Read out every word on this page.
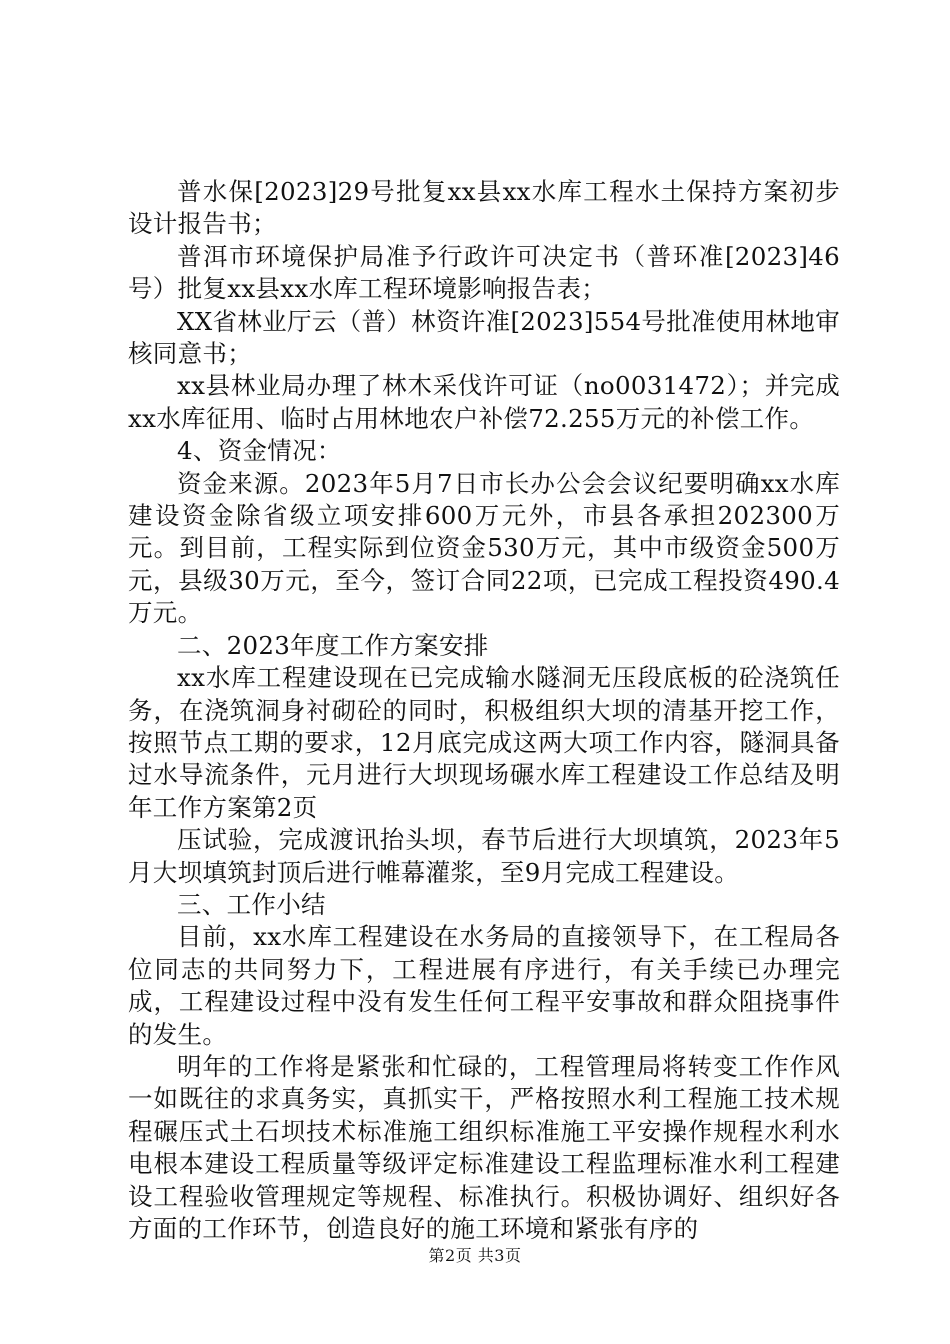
普水保[2023]29号批复xx县xx水库工程水土保持方案初步设计报告书；

普洱市环境保护局准予行政许可决定书（普环准[2023]46号）批复xx县xx水库工程环境影响报告表；

XX省林业厅云（普）林资许准[2023]554号批准使用林地审核同意书；

xx县林业局办理了林木采伐许可证（no0031472）；并完成xx水库征用、临时占用林地农户补偿72.255万元的补偿工作。

4、资金情况：

资金来源。2023年5月7日市长办公会会议纪要明确xx水库建设资金除省级立项安排600万元外，市县各承担202300万元。到目前，工程实际到位资金530万元，其中市级资金500万元，县级30万元，至今，签订合同22项，已完成工程投资490.4万元。

二、2023年度工作方案安排

xx水库工程建设现在已完成输水隧洞无压段底板的砼浇筑任务，在浇筑洞身衬砌砼的同时，积极组织大坝的清基开挖工作，按照节点工期的要求，12月底完成这两大项工作内容，隧洞具备过水导流条件，元月进行大坝现场碾水库工程建设工作总结及明年工作方案第2页

压试验，完成渡讯抬头坝，春节后进行大坝填筑，2023年5月大坝填筑封顶后进行帷幕灌浆，至9月完成工程建设。

三、工作小结

目前，xx水库工程建设在水务局的直接领导下，在工程局各位同志的共同努力下，工程进展有序进行，有关手续已办理完成，工程建设过程中没有发生任何工程平安事故和群众阻挠事件的发生。

明年的工作将是紧张和忙碌的，工程管理局将转变工作作风一如既往的求真务实，真抓实干，严格按照水利工程施工技术规程碾压式土石坝技术标准施工组织标准施工平安操作规程水利水电根本建设工程质量等级评定标准建设工程监理标准水利工程建设工程验收管理规定等规程、标准执行。积极协调好、组织好各方面的工作环节，创造良好的施工环境和紧张有序的

第2页 共3页
